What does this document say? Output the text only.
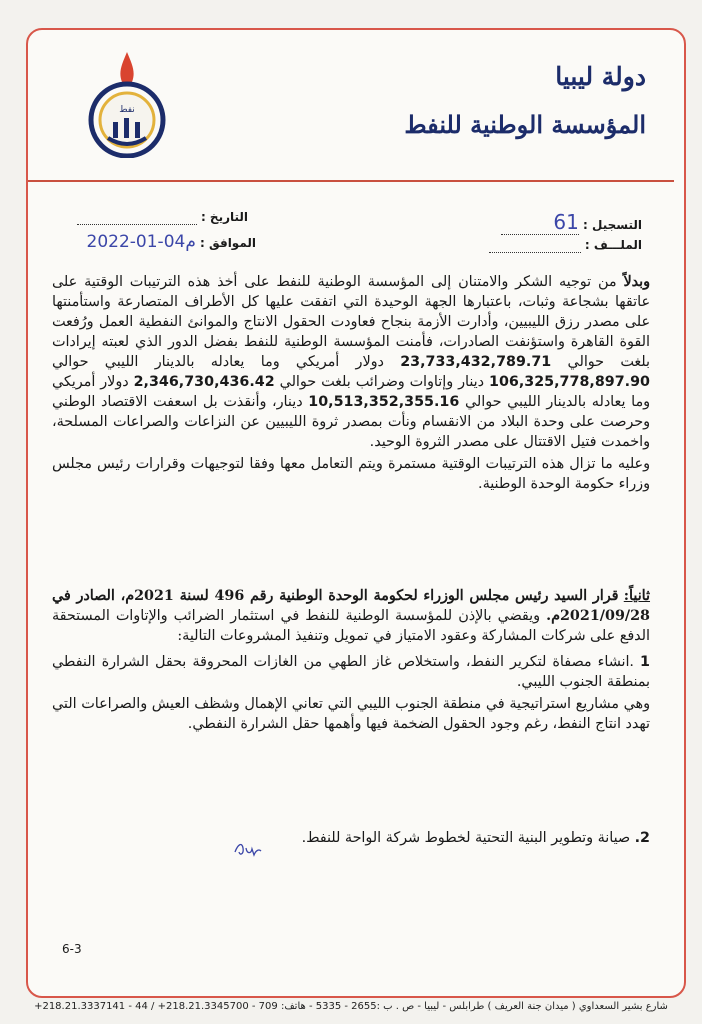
نفط
دولة ليبيا
المؤسسة الوطنية للنفط
التسجيل : 61
الملـــف :
التاريخ :
الموافق : 2022-01-04م

وبدلاً من توجيه الشكر والامتنان إلى المؤسسة الوطنية للنفط على أخذ هذه الترتيبات الوقتية على عاتقها بشجاعة وثبات، باعتبارها الجهة الوحيدة التي اتفقت عليها كل الأطراف المتصارعة واستأمنتها على مصدر رزق الليبيين، وأدارت الأزمة بنجاح فعاودت الحقول الانتاج والموانئ النفطية العمل ورُفعت القوة القاهرة واستؤنفت الصادرات، فأمنت المؤسسة الوطنية للنفط بفضل الدور الذي لعبته إيرادات بلغت حوالي 23,733,432,789.71 دولار أمريكي وما يعادله بالدينار الليبي حوالي 106,325,778,897.90 دينار وإتاوات وضرائب بلغت حوالي 2,346,730,436.42 دولار أمريكي وما يعادله بالدينار الليبي حوالي 10,513,352,355.16 دينار، وأنقذت بل اسعفت الاقتصاد الوطني وحرصت على وحدة البلاد من الانقسام ونأت بمصدر ثروة الليبيين عن النزاعات والصراعات المسلحة، واخمدت فتيل الاقتتال على مصدر الثروة الوحيد.

وعليه ما تزال هذه الترتيبات الوقتية مستمرة ويتم التعامل معها وفقا لتوجيهات وقرارات رئيس مجلس وزراء حكومة الوحدة الوطنية.

ثانياً: قرار السيد رئيس مجلس الوزراء لحكومة الوحدة الوطنية رقم 496 لسنة 2021م، الصادر في 2021/09/28م. ويقضي بالإذن للمؤسسة الوطنية للنفط في استثمار الضرائب والإتاوات المستحقة الدفع على شركات المشاركة وعقود الامتياز في تمويل وتنفيذ المشروعات التالية:

1 .انشاء مصفاة لتكرير النفط، واستخلاص غاز الطهي من الغازات المحروقة بحقل الشرارة النفطي بمنطقة الجنوب الليبي.

وهي مشاريع استراتيجية في منطقة الجنوب الليبي التي تعاني الإهمال وشظف العيش والصراعات التي تهدد انتاج النفط، رغم وجود الحقول الضخمة فيها وأهمها حقل الشرارة النفطي.

2. صيانة وتطوير البنية التحتية لخطوط شركة الواحة للنفط.
6-3
شارع بشير السعداوي ( ميدان جنة العريف ) طرابلس - ليبيا - ص . ب :2655 - 5335 - هاتف: 709 - 218.21.3345700+ / 44 - 218.21.3337141+
